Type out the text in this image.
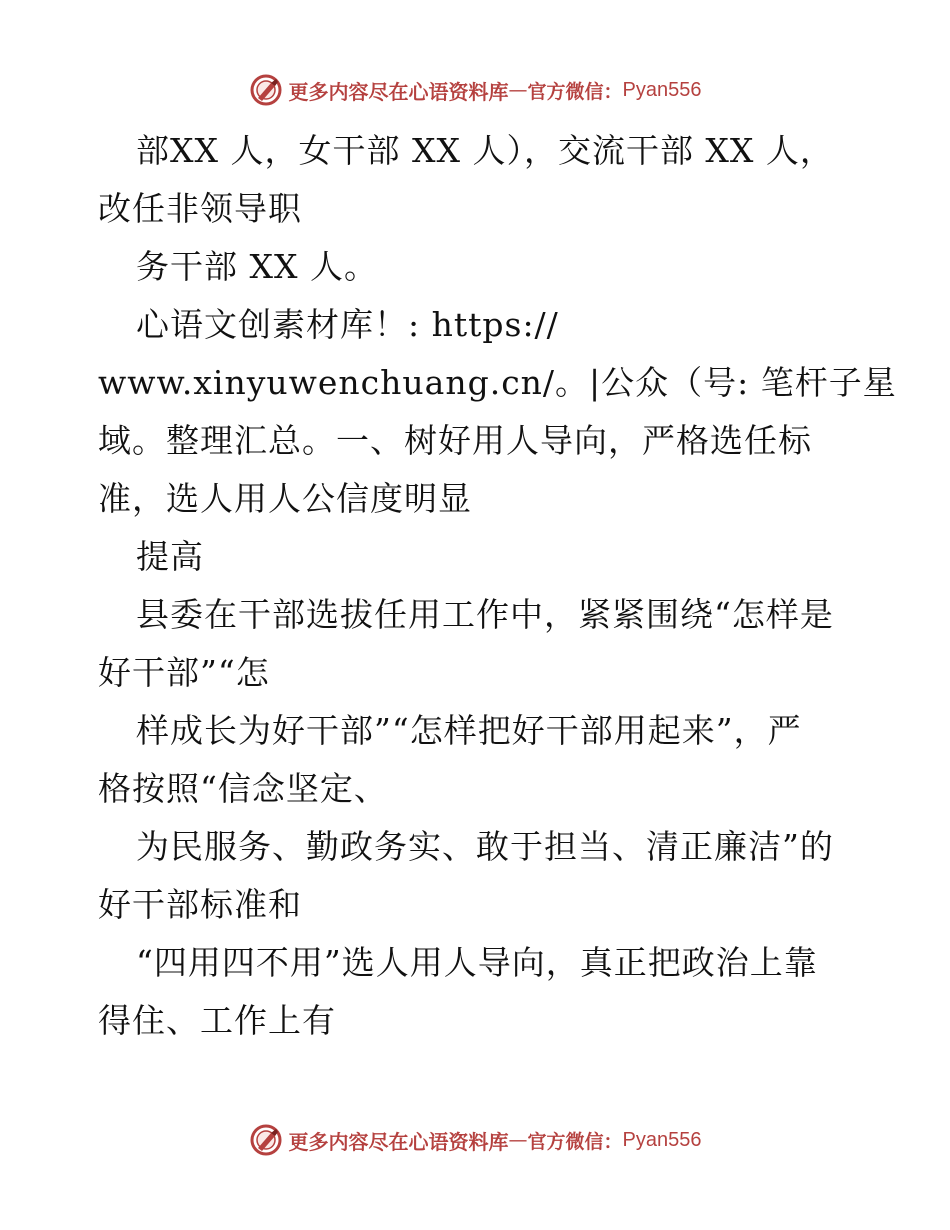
更多内容尽在心语资料库 — 官方微信： Pyan556
部XX 人，女干部 XX 人），交流干部 XX 人，
改任非领导职
务干部 XX 人。
心语文创素材库！: https://
www.xinyuwenchuang.cn/。|公众（号: 笔杆子星
域。整理汇总。一、树好用人导向，严格选任标
准，选人用人公信度明显
提高
县委在干部选拔任用工作中，紧紧围绕“怎样是
好干部”“怎
样成长为好干部”“怎样把好干部用起来”，严
格按照“信念坚定、
为民服务、勤政务实、敢于担当、清正廉洁”的
好干部标准和
“四用四不用”选人用人导向，真正把政治上靠
得住、工作上有
更多内容尽在心语资料库 — 官方微信： Pyan556
